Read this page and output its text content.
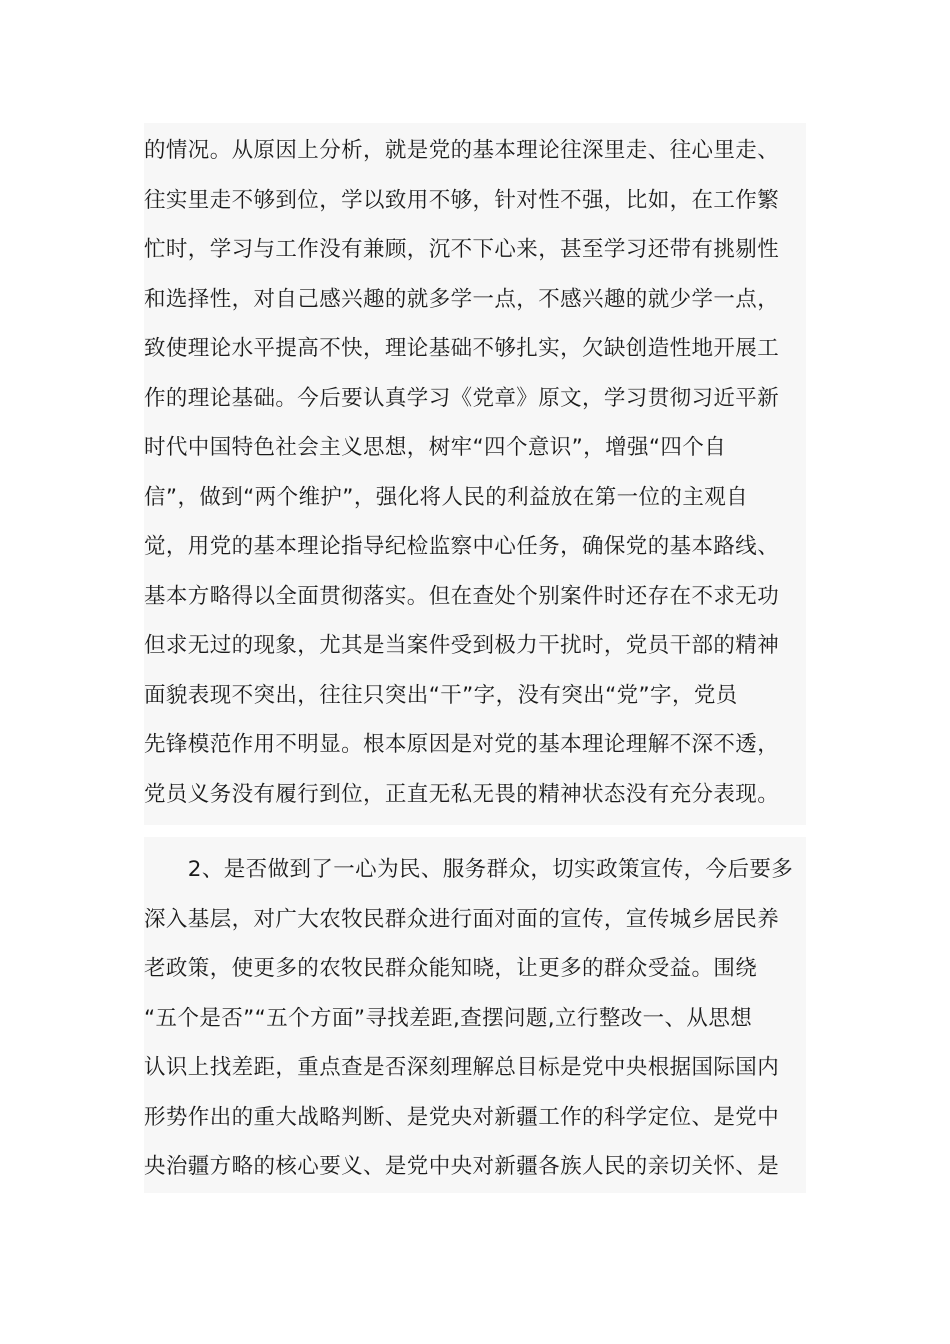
的情况。从原因上分析，就是党的基本理论往深里走、往心里走、
往实里走不够到位，学以致用不够，针对性不强，比如，在工作繁
忙时，学习与工作没有兼顾，沉不下心来，甚至学习还带有挑剔性
和选择性，对自己感兴趣的就多学一点，不感兴趣的就少学一点，
致使理论水平提高不快，理论基础不够扎实，欠缺创造性地开展工
作的理论基础。今后要认真学习《党章》原文，学习贯彻习近平新
时代中国特色社会主义思想，树牢“四个意识”，增强“四个自
信”，做到“两个维护”，强化将人民的利益放在第一位的主观自
觉，用党的基本理论指导纪检监察中心任务，确保党的基本路线、
基本方略得以全面贯彻落实。但在查处个别案件时还存在不求无功
但求无过的现象，尤其是当案件受到极力干扰时，党员干部的精神
面貌表现不突出，往往只突出“干”字，没有突出“党”字，党员
先锋模范作用不明显。根本原因是对党的基本理论理解不深不透，
党员义务没有履行到位，正直无私无畏的精神状态没有充分表现。
　　2、是否做到了一心为民、服务群众，切实政策宣传，今后要多
深入基层，对广大农牧民群众进行面对面的宣传，宣传城乡居民养
老政策，使更多的农牧民群众能知晓，让更多的群众受益。围绕
“五个是否”“五个方面”寻找差距,查摆问题,立行整改一、从思想
认识上找差距，重点查是否深刻理解总目标是党中央根据国际国内
形势作出的重大战略判断、是党央对新疆工作的科学定位、是党中
央治疆方略的核心要义、是党中央对新疆各族人民的亲切关怀、是
